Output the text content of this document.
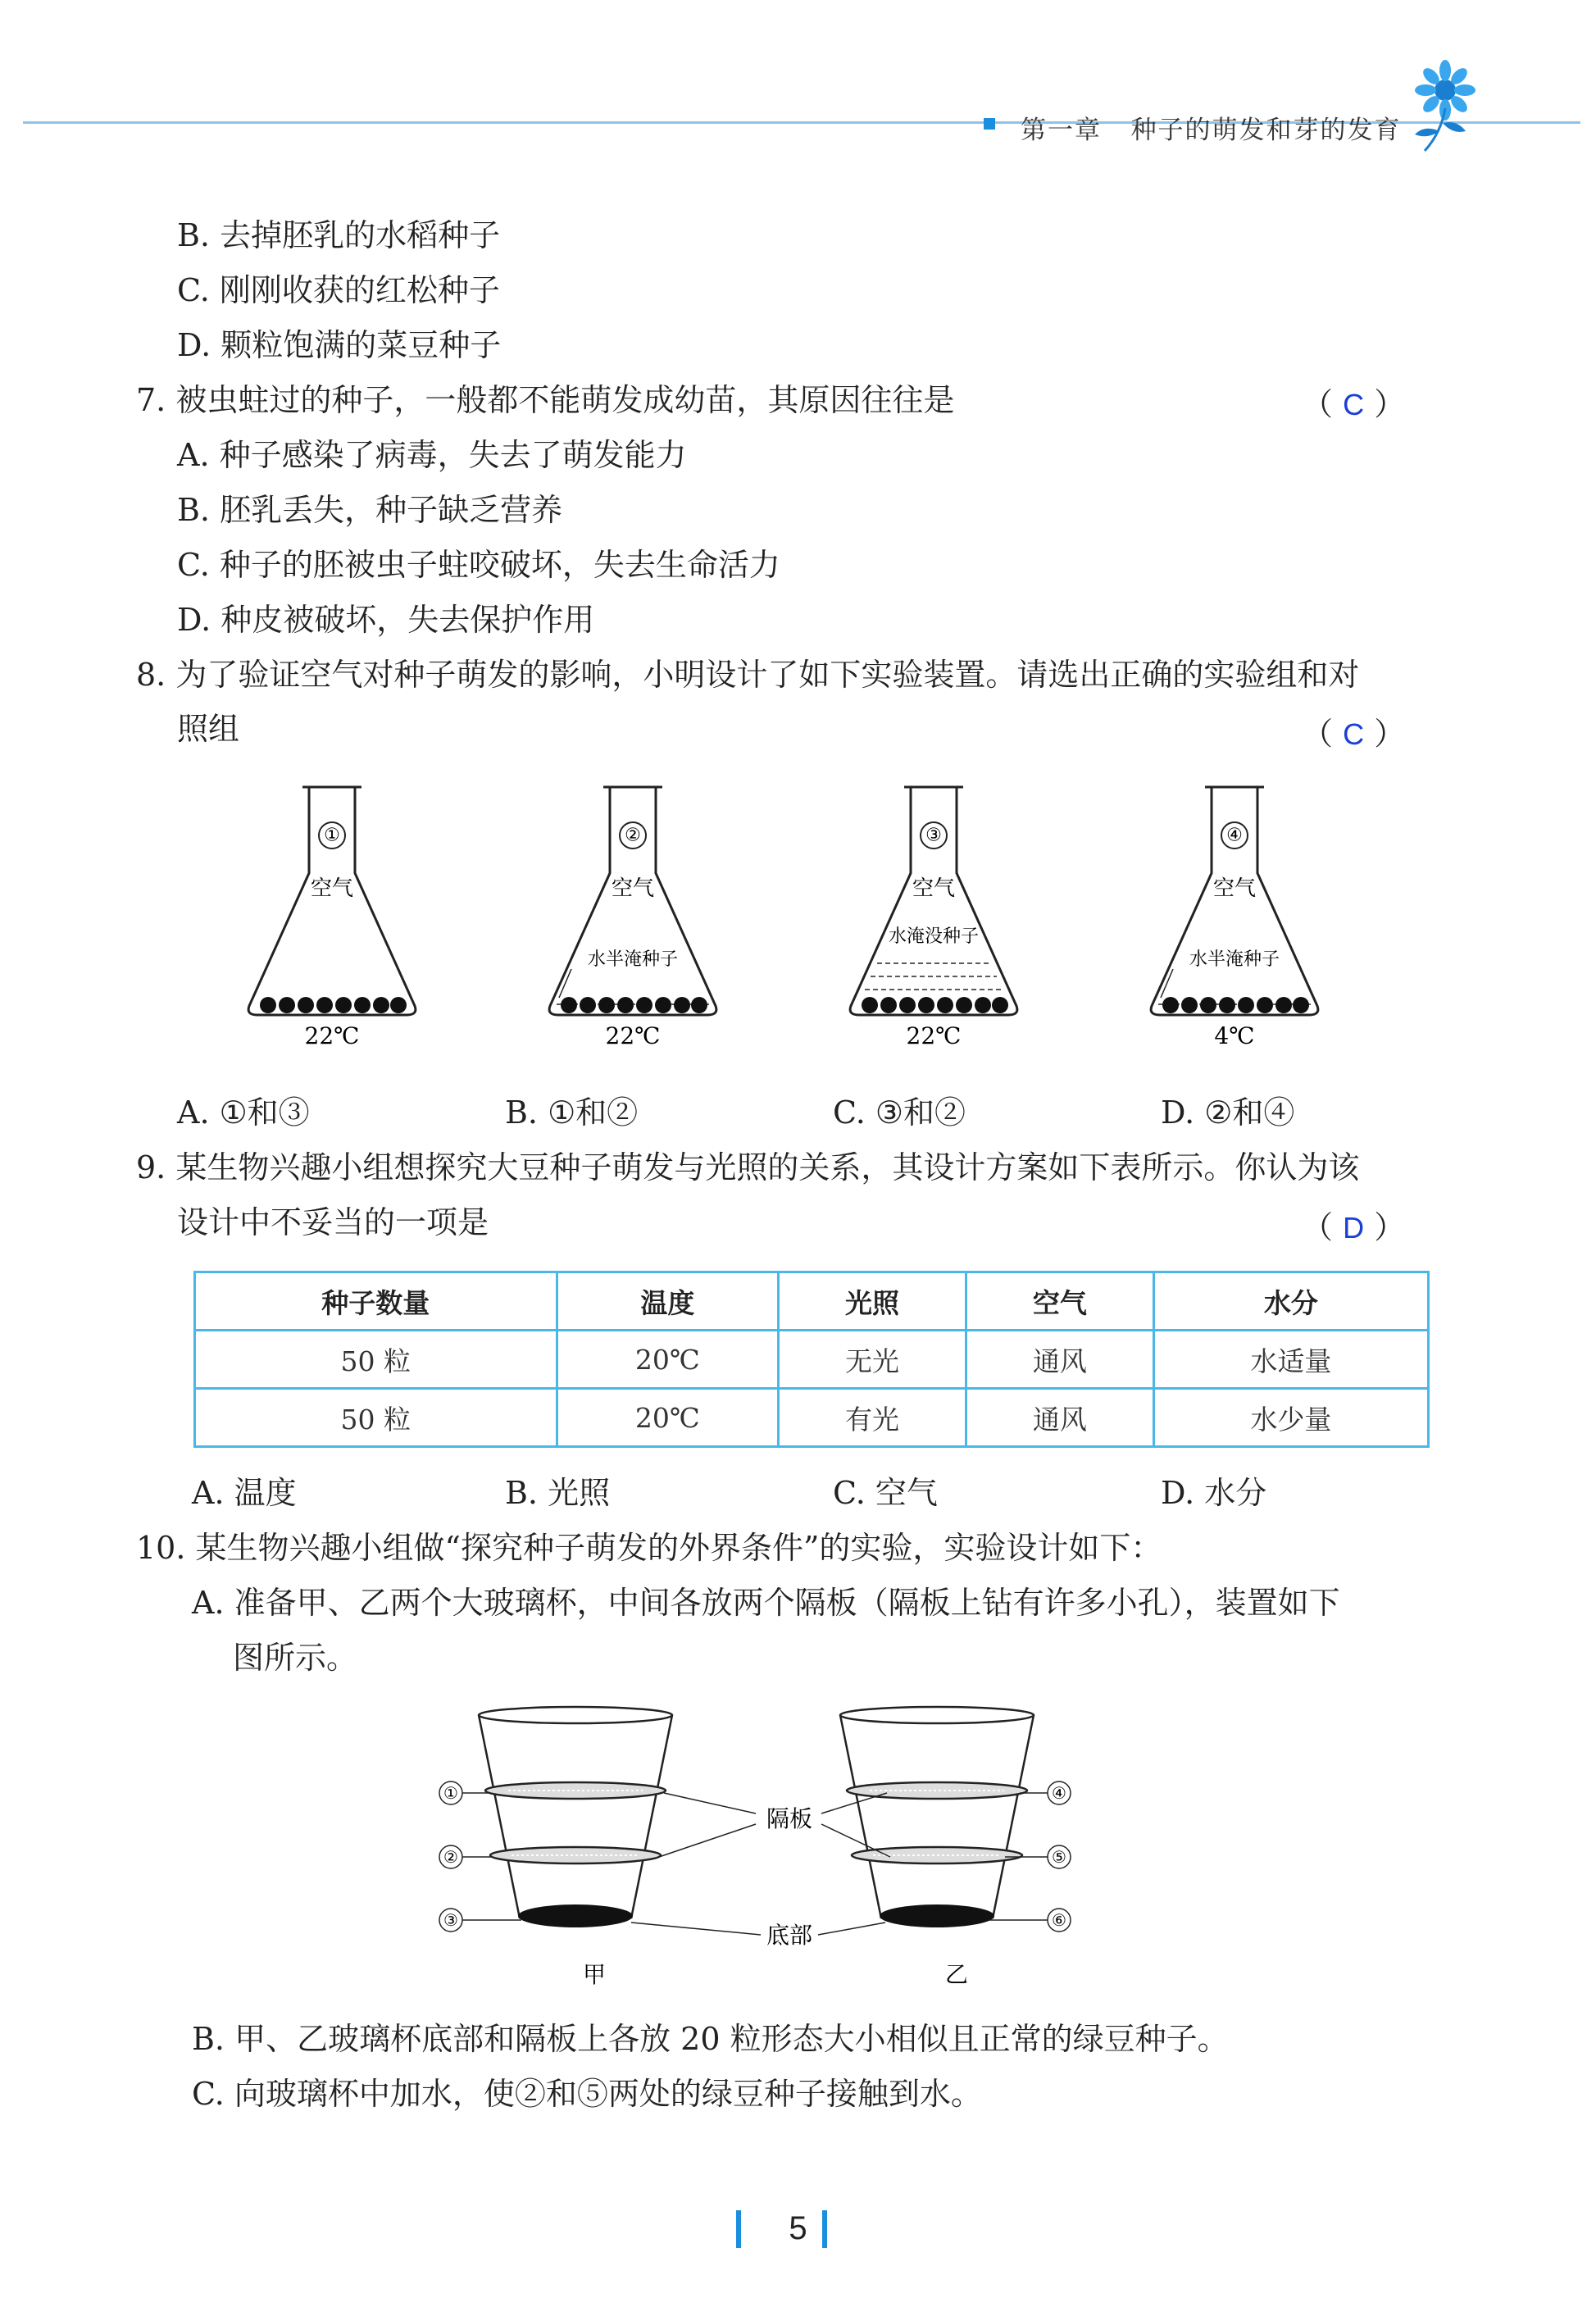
第一章 种子的萌发和芽的发育
B. 去掉胚乳的水稻种子
C. 刚刚收获的红松种子
D. 颗粒饱满的菜豆种子
7. 被虫蛀过的种子，一般都不能萌发成幼苗，其原因往往是	（ C ）
A. 种子感染了病毒，失去了萌发能力
B. 胚乳丢失，种子缺乏营养
C. 种子的胚被虫子蛀咬破坏，失去生命活力
D. 种皮被破坏，失去保护作用
8. 为了验证空气对种子萌发的影响，小明设计了如下实验装置。请选出正确的实验组和对
照组	（ C ）
①
空气
22℃
②
空气
水半淹种子
22℃
③
空气
水淹没种子
22℃
④
空气
水半淹种子
4℃
A. ①和③	B. ①和②	C. ③和②	D. ②和④
9. 某生物兴趣小组想探究大豆种子萌发与光照的关系，其设计方案如下表所示。你认为该
设计中不妥当的一项是	（ D ）
种子数量	温度	光照	空气	水分
50 粒	20℃	无光	通风	水适量
50 粒	20℃	有光	通风	水少量
A. 温度	B. 光照	C. 空气	D. 水分
10. 某生物兴趣小组做“探究种子萌发的外界条件”的实验，实验设计如下：
A. 准备甲、乙两个大玻璃杯，中间各放两个隔板（隔板上钻有许多小孔），装置如下
图所示。
①
②
③
④
⑤
⑥
隔板
底部
甲	乙
B. 甲、乙玻璃杯底部和隔板上各放 20 粒形态大小相似且正常的绿豆种子。
C. 向玻璃杯中加水，使②和⑤两处的绿豆种子接触到水。
5
